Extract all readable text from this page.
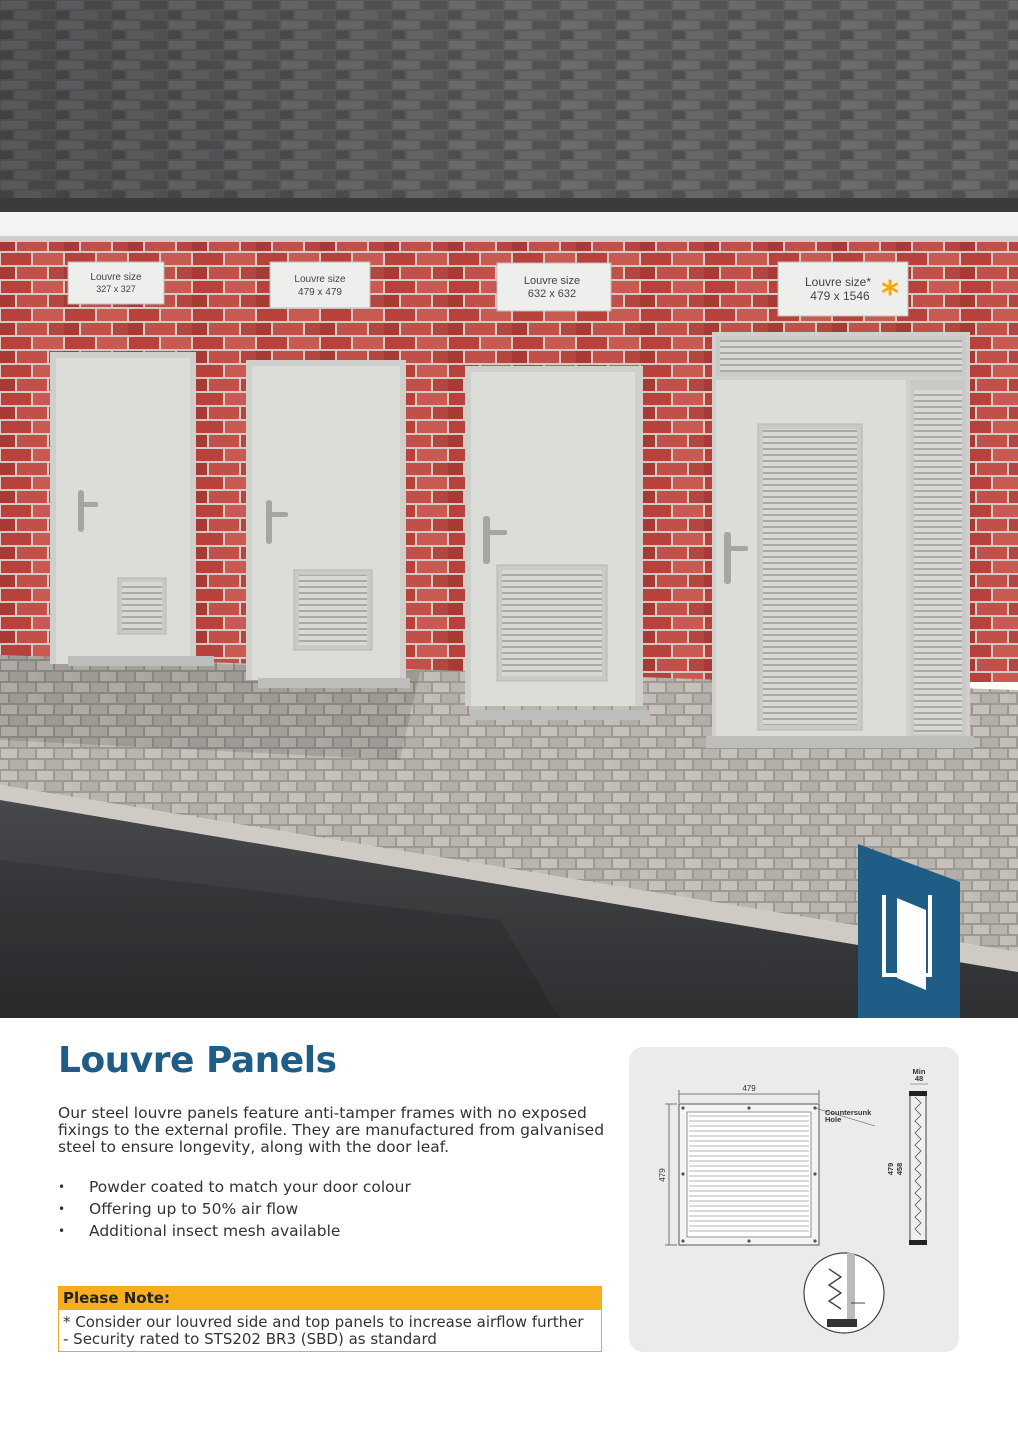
Louvre size
327 x 327
Louvre size
479 x 479
Louvre size
632 x 632
Louvre size*
479 x 1546 *
Louvre Panels

Our steel louvre panels feature anti-tamper frames with no exposed fixings to the external profile. They are manufactured from galvanised steel to ensure longevity, along with the door leaf.

• Powder coated to match your door colour
• Offering up to 50% air flow
• Additional insect mesh available
Please Note:
* Consider our louvred side and top panels to increase airflow further
- Security rated to STS202 BR3 (SBD) as standard
479
479
Countersunk
Hole
Min
48
479 458
